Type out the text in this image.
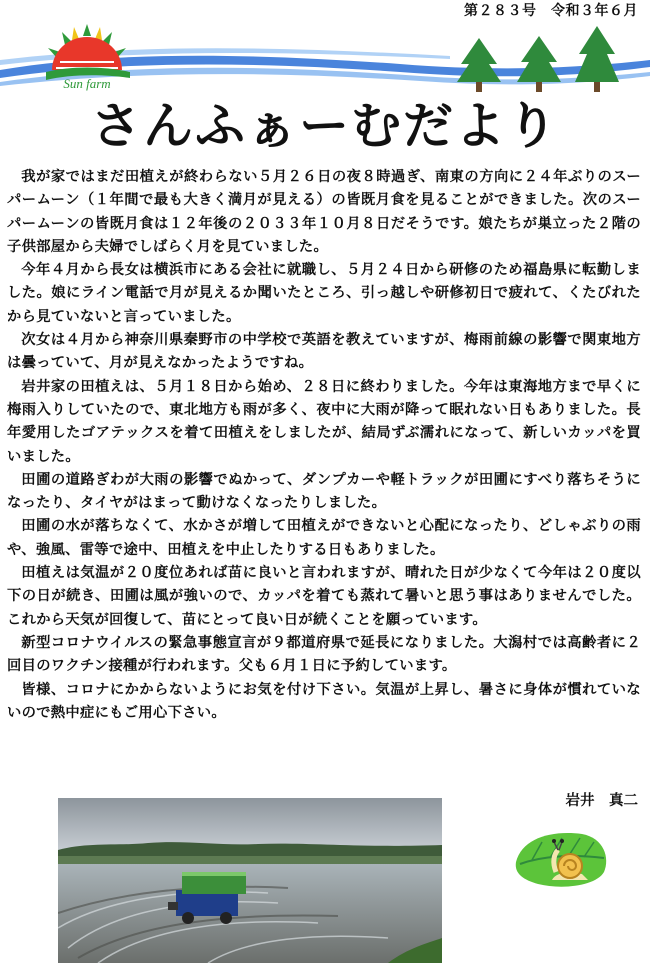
第２８３号　令和３年６月
Sun farm
さんふぁーむだより

我が家ではまだ田植えが終わらない５月２６日の夜８時過ぎ、南東の方向に２４年ぶりのスーパームーン（１年間で最も大きく満月が見える）の皆既月食を見ることができました。次のスーパームーンの皆既月食は１２年後の２０３３年１０月８日だそうです。娘たちが巣立った２階の子供部屋から夫婦でしばらく月を見ていました。

今年４月から長女は横浜市にある会社に就職し、５月２４日から研修のため福島県に転勤しました。娘にライン電話で月が見えるか聞いたところ、引っ越しや研修初日で疲れて、くたびれたから見ていないと言っていました。

次女は４月から神奈川県秦野市の中学校で英語を教えていますが、梅雨前線の影響で関東地方は曇っていて、月が見えなかったようですね。

岩井家の田植えは、５月１８日から始め、２８日に終わりました。今年は東海地方まで早くに梅雨入りしていたので、東北地方も雨が多く、夜中に大雨が降って眠れない日もありました。長年愛用したゴアテックスを着て田植えをしましたが、結局ずぶ濡れになって、新しいカッパを買いました。

田圃の道路ぎわが大雨の影響でぬかって、ダンプカーや軽トラックが田圃にすべり落ちそうになったり、タイヤがはまって動けなくなったりしました。

田圃の水が落ちなくて、水かさが増して田植えができないと心配になったり、どしゃぶりの雨や、強風、雷等で途中、田植えを中止したりする日もありました。

田植えは気温が２０度位あれば苗に良いと言われますが、晴れた日が少なくて今年は２０度以下の日が続き、田圃は風が強いので、カッパを着ても蒸れて暑いと思う事はありませんでした。これから天気が回復して、苗にとって良い日が続くことを願っています。

新型コロナウイルスの緊急事態宣言が９都道府県で延長になりました。大潟村では高齢者に２回目のワクチン接種が行われます。父も６月１日に予約しています。

皆様、コロナにかからないようにお気を付け下さい。気温が上昇し、暑さに身体が慣れていないので熱中症にもご用心下さい。

岩井　真二
